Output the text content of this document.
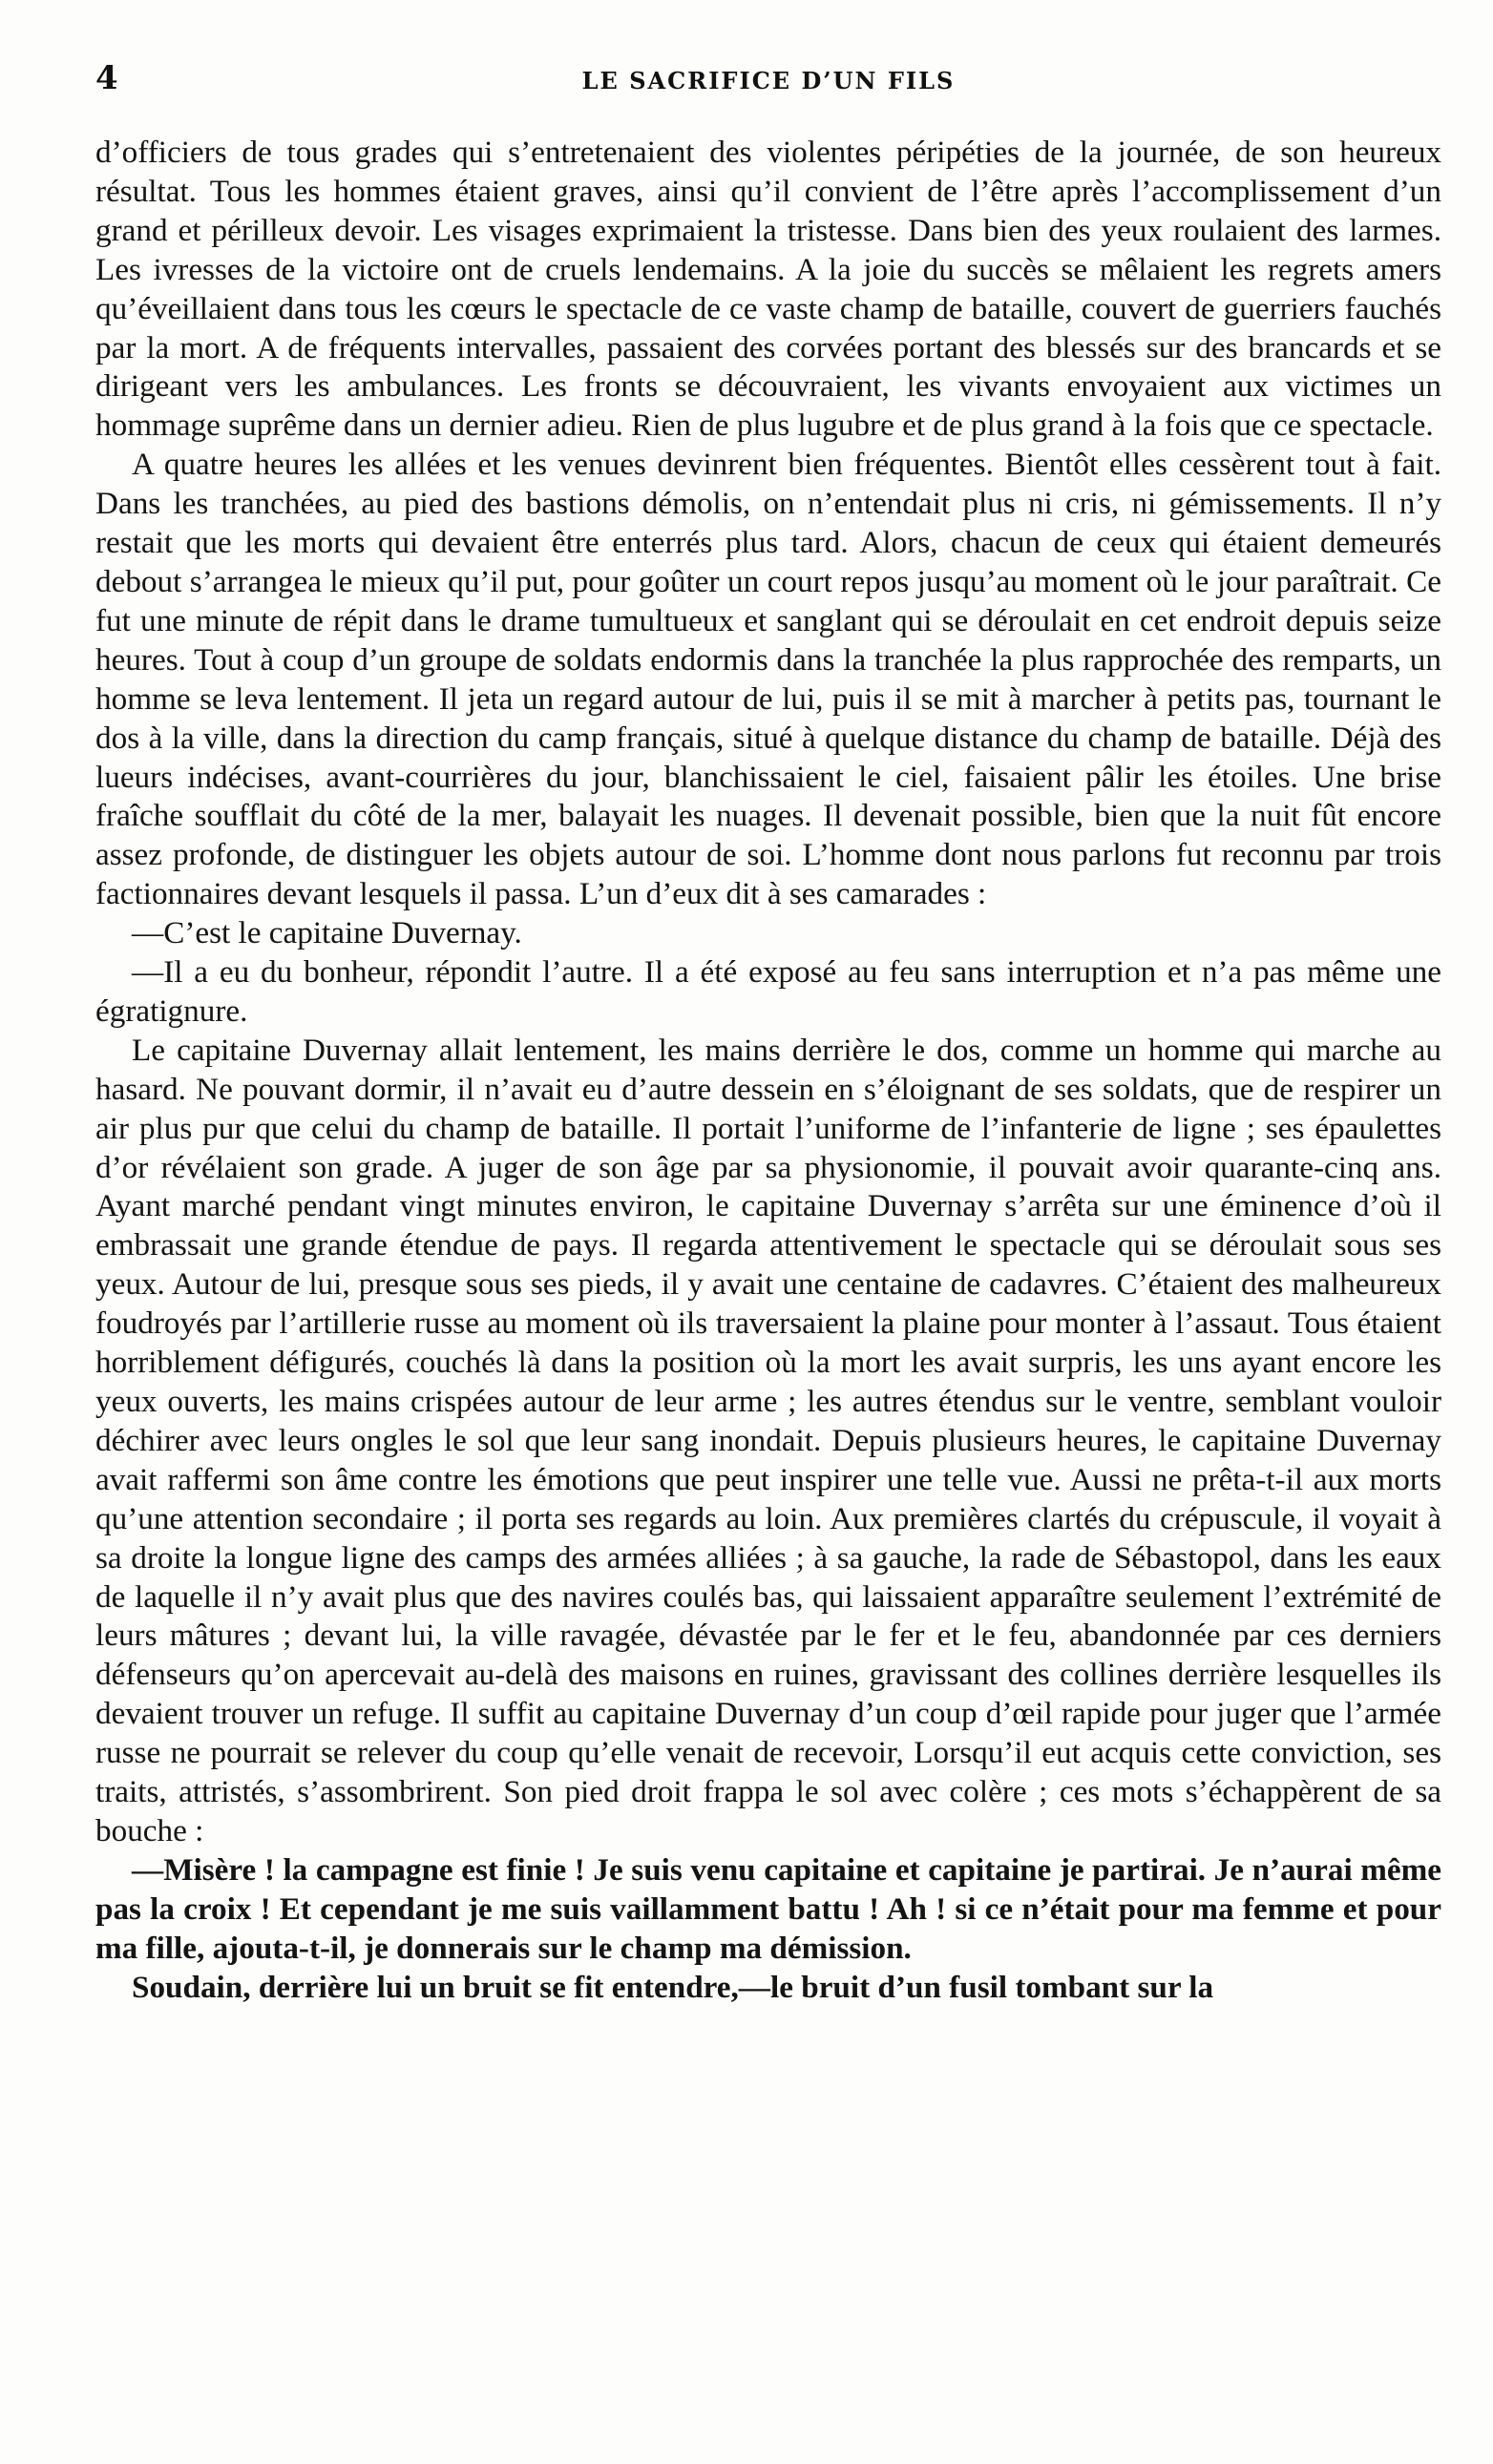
4	LE SACRIFICE D’UN FILS

d’officiers de tous grades qui s’entretenaient des violentes péripéties de la journée, de son heureux résultat. Tous les hommes étaient graves, ainsi qu’il convient de l’être après l’accomplissement d’un grand et périlleux devoir. Les visages exprimaient la tristesse. Dans bien des yeux roulaient des larmes. Les ivresses de la victoire ont de cruels lendemains. A la joie du succès se mêlaient les regrets amers qu’éveillaient dans tous les cœurs le spectacle de ce vaste champ de bataille, couvert de guerriers fauchés par la mort. A de fréquents intervalles, passaient des corvées portant des blessés sur des brancards et se dirigeant vers les ambulances. Les fronts se découvraient, les vivants envoyaient aux victimes un hommage suprême dans un dernier adieu. Rien de plus lugubre et de plus grand à la fois que ce spectacle.

A quatre heures les allées et les venues devinrent bien fréquentes. Bientôt elles cessèrent tout à fait. Dans les tranchées, au pied des bastions démolis, on n’entendait plus ni cris, ni gémissements. Il n’y restait que les morts qui devaient être enterrés plus tard. Alors, chacun de ceux qui étaient demeurés debout s’arrangea le mieux qu’il put, pour goûter un court repos jusqu’au moment où le jour paraîtrait. Ce fut une minute de répit dans le drame tumultueux et sanglant qui se déroulait en cet endroit depuis seize heures. Tout à coup d’un groupe de soldats endormis dans la tranchée la plus rapprochée des remparts, un homme se leva lentement. Il jeta un regard autour de lui, puis il se mit à marcher à petits pas, tournant le dos à la ville, dans la direction du camp français, situé à quelque distance du champ de bataille. Déjà des lueurs indécises, avant-courrières du jour, blanchissaient le ciel, faisaient pâlir les étoiles. Une brise fraîche soufflait du côté de la mer, balayait les nuages. Il devenait possible, bien que la nuit fût encore assez profonde, de distinguer les objets autour de soi. L’homme dont nous parlons fut reconnu par trois factionnaires devant lesquels il passa. L’un d’eux dit à ses camarades :

—C’est le capitaine Duvernay.

—Il a eu du bonheur, répondit l’autre. Il a été exposé au feu sans interruption et n’a pas même une égratignure.

Le capitaine Duvernay allait lentement, les mains derrière le dos, comme un homme qui marche au hasard. Ne pouvant dormir, il n’avait eu d’autre dessein en s’éloignant de ses soldats, que de respirer un air plus pur que celui du champ de bataille. Il portait l’uniforme de l’infanterie de ligne ; ses épaulettes d’or révélaient son grade. A juger de son âge par sa physionomie, il pouvait avoir quarante-cinq ans. Ayant marché pendant vingt minutes environ, le capitaine Duvernay s’arrêta sur une éminence d’où il embrassait une grande étendue de pays. Il regarda attentivement le spectacle qui se déroulait sous ses yeux. Autour de lui, presque sous ses pieds, il y avait une centaine de cadavres. C’étaient des malheureux foudroyés par l’artillerie russe au moment où ils traversaient la plaine pour monter à l’assaut. Tous étaient horriblement défigurés, couchés là dans la position où la mort les avait surpris, les uns ayant encore les yeux ouverts, les mains crispées autour de leur arme ; les autres étendus sur le ventre, semblant vouloir déchirer avec leurs ongles le sol que leur sang inondait. Depuis plusieurs heures, le capitaine Duvernay avait raffermi son âme contre les émotions que peut inspirer une telle vue. Aussi ne prêta-t-il aux morts qu’une attention secondaire ; il porta ses regards au loin. Aux premières clartés du crépuscule, il voyait à sa droite la longue ligne des camps des armées alliées ; à sa gauche, la rade de Sébastopol, dans les eaux de laquelle il n’y avait plus que des navires coulés bas, qui laissaient apparaître seulement l’extrémité de leurs mâtures ; devant lui, la ville ravagée, dévastée par le fer et le feu, abandonnée par ces derniers défenseurs qu’on apercevait au-delà des maisons en ruines, gravissant des collines derrière lesquelles ils devaient trouver un refuge. Il suffit au capitaine Duvernay d’un coup d’œil rapide pour juger que l’armée russe ne pourrait se relever du coup qu’elle venait de recevoir, Lorsqu’il eut acquis cette conviction, ses traits, attristés, s’assombrirent. Son pied droit frappa le sol avec colère ; ces mots s’échappèrent de sa bouche :

—Misère ! la campagne est finie ! Je suis venu capitaine et capitaine je partirai. Je n’aurai même pas la croix ! Et cependant je me suis vaillamment battu ! Ah ! si ce n’était pour ma femme et pour ma fille, ajouta-t-il, je donnerais sur le champ ma démission.

Soudain, derrière lui un bruit se fit entendre,—le bruit d’un fusil tombant sur la
